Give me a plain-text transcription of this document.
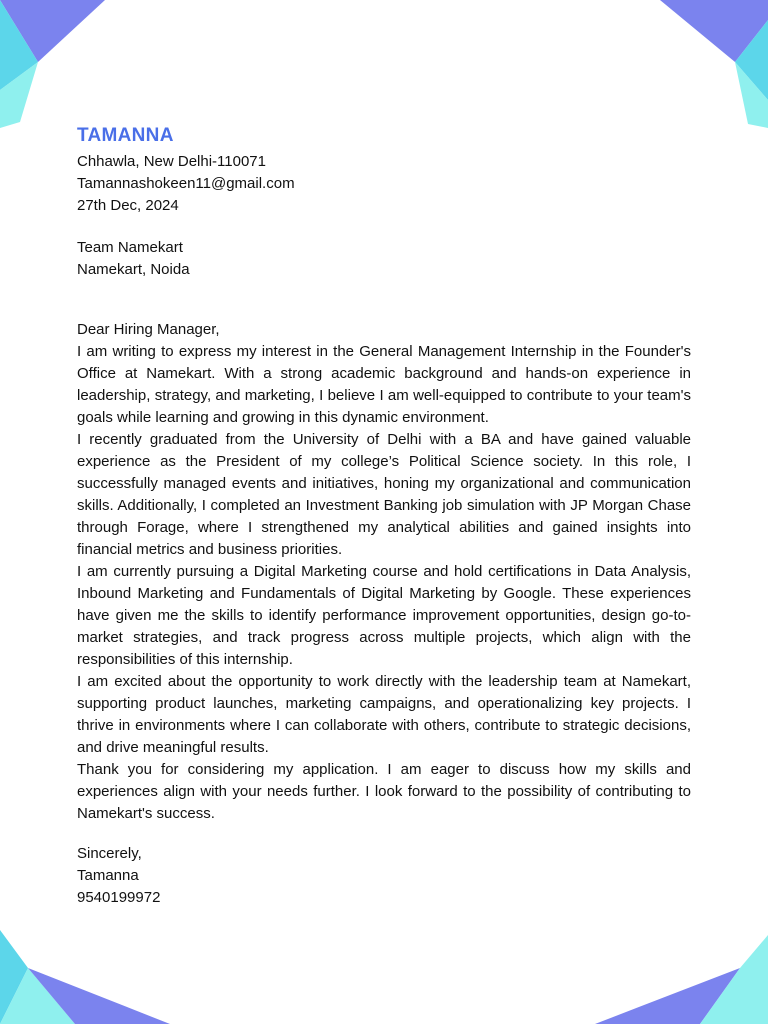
TAMANNA
Chhawla, New Delhi-110071
Tamannashokeen11@gmail.com
27th Dec, 2024
Team Namekart
Namekart, Noida
Dear Hiring Manager,

I am writing to express my interest in the General Management Internship in the Founder's Office at Namekart. With a strong academic background and hands-on experience in leadership, strategy, and marketing, I believe I am well-equipped to contribute to your team's goals while learning and growing in this dynamic environment.

I recently graduated from the University of Delhi with a BA and have gained valuable experience as the President of my college’s Political Science society. In this role, I successfully managed events and initiatives, honing my organizational and communication skills. Additionally, I completed an Investment Banking job simulation with JP Morgan Chase through Forage, where I strengthened my analytical abilities and gained insights into financial metrics and business priorities.

I am currently pursuing a Digital Marketing course and hold certifications in Data Analysis, Inbound Marketing and Fundamentals of Digital Marketing by Google. These experiences have given me the skills to identify performance improvement opportunities, design go-to-market strategies, and track progress across multiple projects, which align with the responsibilities of this internship.

I am excited about the opportunity to work directly with the leadership team at Namekart, supporting product launches, marketing campaigns, and operationalizing key projects. I thrive in environments where I can collaborate with others, contribute to strategic decisions, and drive meaningful results.

Thank you for considering my application. I am eager to discuss how my skills and experiences align with your needs further. I look forward to the possibility of contributing to Namekart's success.

Sincerely,
Tamanna
9540199972
